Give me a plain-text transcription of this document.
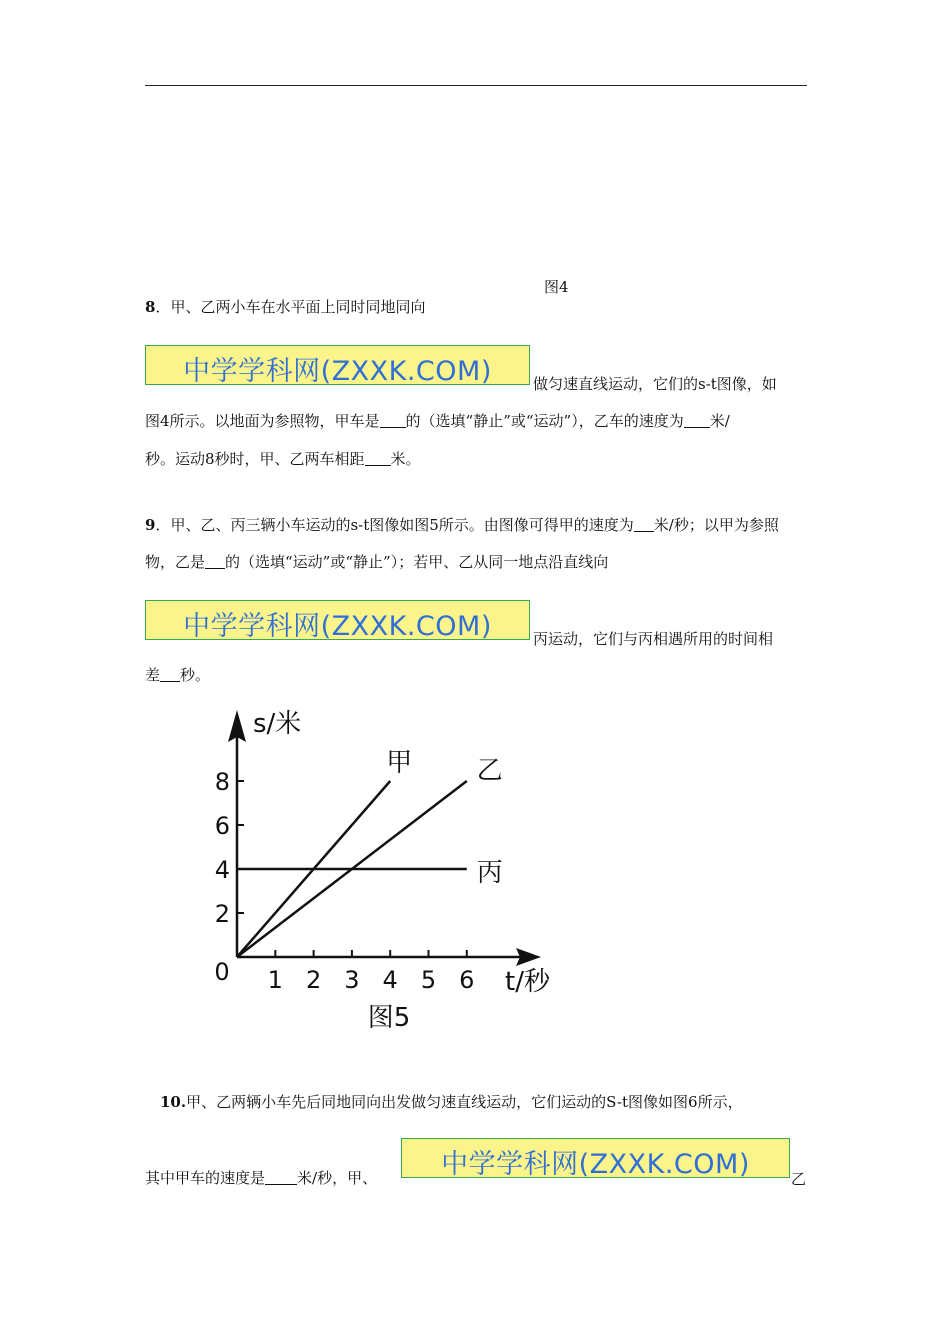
图4
8．甲、乙两小车在水平面上同时同地同向
中学学科网(ZXXK.COM)	做匀速直线运动，它们的s-t图像，如
图4所示。以地面为参照物，甲车是 的（选填“静止”或“运动”），乙车的速度为 米/
秒。运动8秒时，甲、乙两车相距 米。
9．甲、乙、丙三辆小车运动的s-t图像如图5所示。由图像可得甲的速度为 米/秒；以甲为参照
物，乙是 的（选填“运动”或“静止”）；若甲、乙从同一地点沿直线向
中学学科网(ZXXK.COM)	丙运动，它们与丙相遇所用的时间相
差 秒。
1 2 3 4 5 6
2
4
6
8
0
s/米
t/秒
甲 乙
丙
图5
10.甲、乙两辆小车先后同地同向出发做匀速直线运动，它们运动的S-t图像如图6所示，
其中甲车的速度是 米/秒，甲、	中学学科网(ZXXK.COM)	乙
